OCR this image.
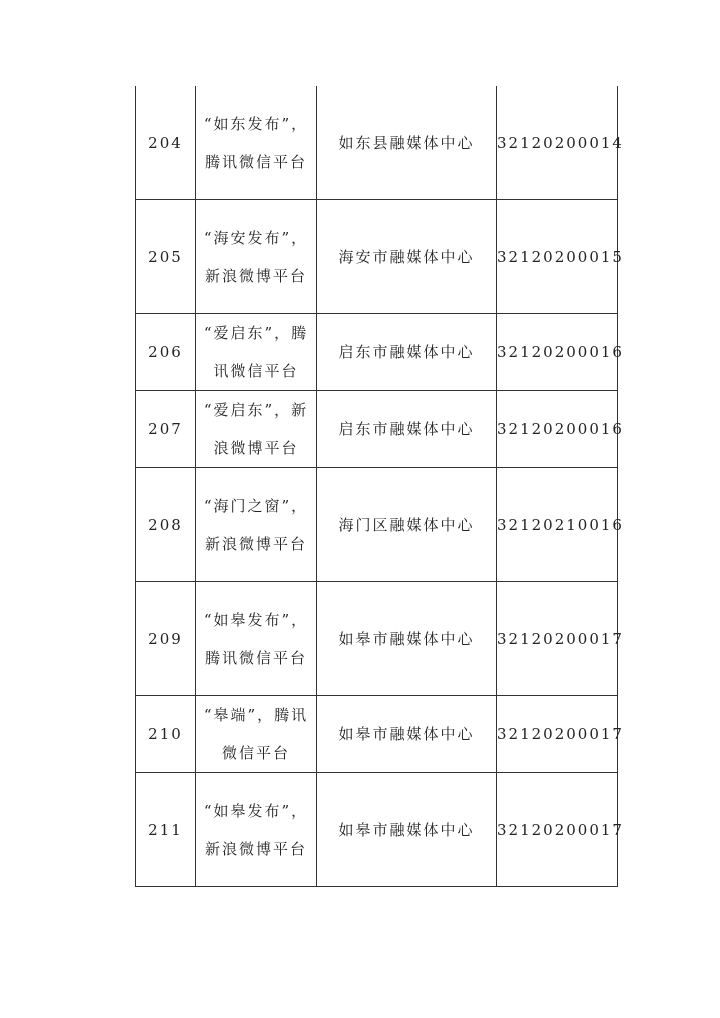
204	“如东发布”，腾讯微信平台	如东县融媒体中心	32120200014
205	“海安发布”，新浪微博平台	海安市融媒体中心	32120200015
206	“爱启东”，腾讯微信平台	启东市融媒体中心	32120200016
207	“爱启东”，新浪微博平台	启东市融媒体中心	32120200016
208	“海门之窗”，新浪微博平台	海门区融媒体中心	32120210016
209	“如皋发布”，腾讯微信平台	如皋市融媒体中心	32120200017
210	“皋端”，腾讯微信平台	如皋市融媒体中心	32120200017
211	“如皋发布”，新浪微博平台	如皋市融媒体中心	32120200017
